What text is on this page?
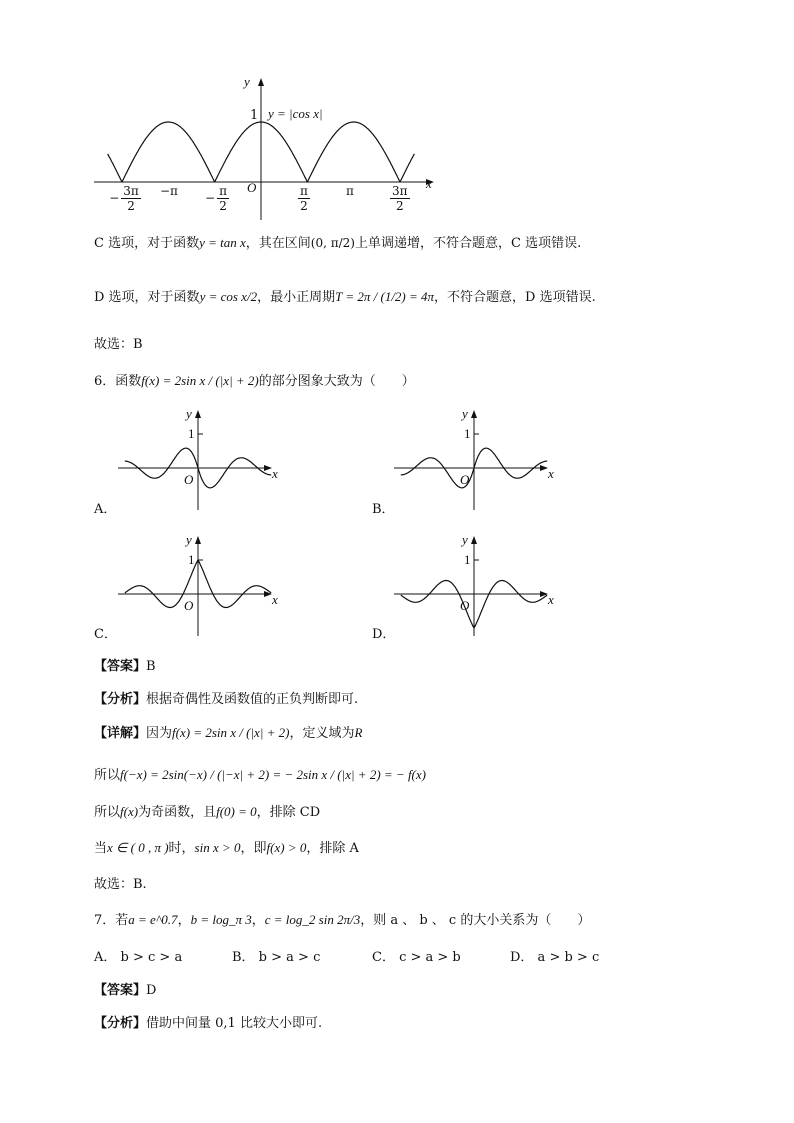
y
x
1
O
y = |cos x|
− $\frac{3\pi}{2} -\pi$	− $\frac{\pi}{2}$	$\frac{\pi}{2}$	π	$\frac{3\pi}{2}$
C 选项，对于函数y = tan x，其在区间(0, π/2)上单调递增，不符合题意，C 选项错误.
D 选项，对于函数y = cos x/2，最小正周期T = 2π / (1/2) = 4π，不符合题意，D 选项错误.
故选：B
6．函数f(x) = 2sin x / (|x| + 2)的部分图象大致为（　　）
y
1
O	x
y
1
O	x
y
1
O	x
y
1
O	x
A．	B．
C．	D．
【答案】B
【分析】根据奇偶性及函数值的正负判断即可.
【详解】因为f(x) = 2sin x / (|x| + 2)，定义域为R
所以f(−x) = 2sin(−x) / (|−x| + 2) = − 2sin x / (|x| + 2) = − f(x)
所以f(x)为奇函数，且f(0) = 0，排除 CD
当x ∈ ( 0 , π )时，sin x > 0，即f(x) > 0，排除 A
故选：B.
7．若a = e^0.7，b = log_π 3，c = log_2 sin 2π/3，则 a 、 b 、 c 的大小关系为（　　）
A． b > c > a	B． b > a > c	C． c > a > b	D． a > b > c
【答案】D
【分析】借助中间量 0,1 比较大小即可.
